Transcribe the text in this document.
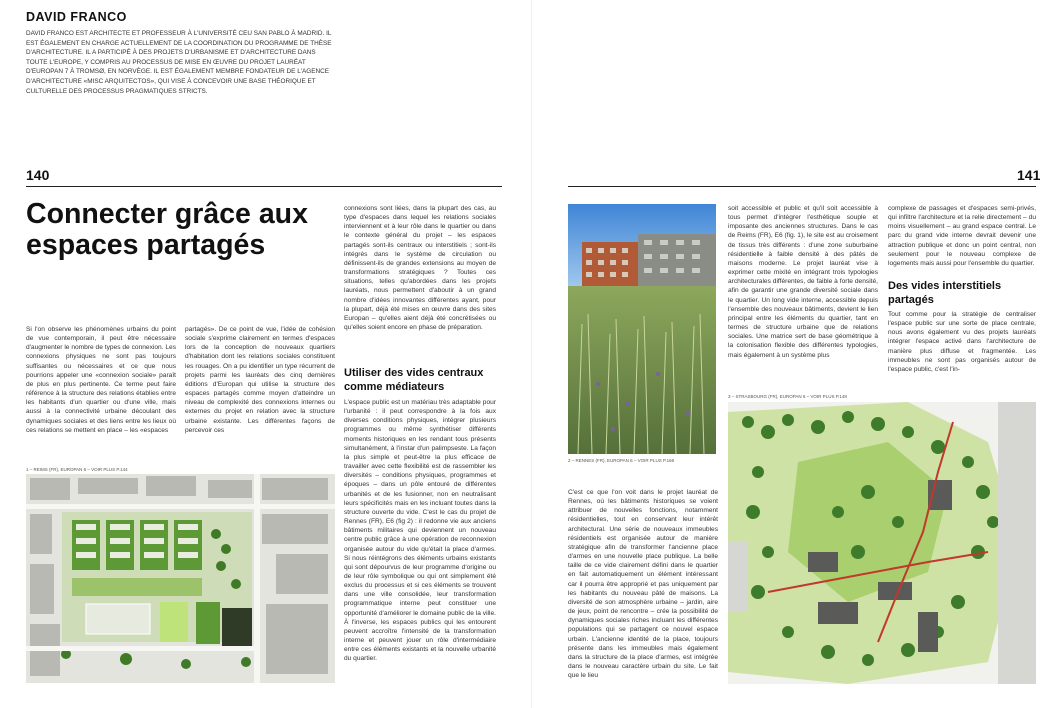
DAVID FRANCO
DAVID FRANCO EST ARCHITECTE ET PROFESSEUR À L'UNIVERSITÉ CEU SAN PABLO À MADRID. IL EST ÉGALEMENT EN CHARGE ACTUELLEMENT DE LA COORDINATION DU PROGRAMME DE THÈSE D'ARCHITECTURE. IL A PARTICIPÉ À DES PROJETS D'URBANISME ET D'ARCHITECTURE DANS TOUTE L'EUROPE, Y COMPRIS AU PROCESSUS DE MISE EN ŒUVRE DU PROJET LAURÉAT D'EUROPAN 7 À TROMSØ, EN NORVÈGE. IL EST ÉGALEMENT MEMBRE FONDATEUR DE L'AGENCE D'ARCHITECTURE «MISC ARQUITECTOS», QUI VISE À CONCEVOIR UNE BASE THÉORIQUE ET CULTURELLE DES PROCESSUS PRAGMATIQUES STRICTS.
140
Connecter grâce aux espaces partagés
Si l'on observe les phénomènes urbains du point de vue contemporain, il peut être nécessaire d'augmenter le nombre de types de connexion. Les connexions physiques ne sont pas toujours suffisantes ou nécessaires et ce que nous pourrions appeler une «connexion sociale» paraît de plus en plus pertinente. Ce terme peut faire référence à la structure des relations établies entre les habitants d'un quartier ou d'une ville, mais aussi à la connectivité urbaine découlant des dynamiques sociales et des liens entre les lieux où ces relations se mettent en place – les «espaces
partagés». De ce point de vue, l'idée de cohésion sociale s'exprime clairement en termes d'espaces lors de la conception de nouveaux quartiers d'habitation dont les relations sociales constituent les rouages. On a pu identifier un type récurrent de projets parmi les lauréats des cinq dernières éditions d'Europan qui utilise la structure des espaces partagés comme moyen d'atteindre un niveau de complexité des connexions internes ou externes du projet en relation avec la structure urbaine existante. Les différentes façons de percevoir ces
connexions sont liées, dans la plupart des cas, au type d'espaces dans lequel les relations sociales interviennent et à leur rôle dans le quartier ou dans le contexte général du projet – les espaces partagés sont-ils centraux ou interstitiels ; sont-ils intégrés dans le système de circulation ou définissent-ils de grandes extensions au moyen de transformations stratégiques ? Toutes ces situations, telles qu'abordées dans les projets lauréats, nous permettent d'aboutir à un grand nombre d'idées innovantes différentes ayant, pour la plupart, déjà été mises en œuvre dans des sites Europan – qu'elles aient déjà été concrétisées ou qu'elles soient encore en phase de préparation.
Utiliser des vides centraux comme médiateurs
L'espace public est un matériau très adaptable pour l'urbanité : il peut correspondre à la fois aux diverses conditions physiques, intégrer plusieurs programmes ou même synthétiser différents moments historiques en les rendant tous présents simultanément, à l'instar d'un palimpseste. La façon la plus simple et peut-être la plus efficace de travailler avec cette flexibilité est de rassembler les diversités – conditions physiques, programmes et époques – dans un pôle entouré de différentes urbanités et de les fusionner, non en neutralisant leurs spécificités mais en les incluant toutes dans la structure ouverte du vide. C'est le cas du projet de Rennes (FR), E6 (fig 2) : il redonne vie aux anciens bâtiments militaires qui deviennent un nouveau centre public grâce à une opération de reconnexion organisée autour du vide qu'était la place d'armes. Si nous réintégrons des éléments urbains existants qui sont dépourvus de leur programme d'origine ou de leur rôle symbolique ou qui ont simplement été exclus du processus et si ces éléments se trouvent dans une ville consolidée, leur transformation programmatique interne peut constituer une opportunité d'améliorer le domaine public de la ville. À l'inverse, les espaces publics qui les entourent peuvent accroître l'intensité de la transformation interne et peuvent jouer un rôle d'intermédiaire entre ces éléments existants et la nouvelle urbanité du quartier.
1 – REIMS (FR), EUROPAN 6 – VOIR PLUS P.144
141
2 – RENNES (FR), EUROPAN 6 – VOIR PLUS P.166
C'est ce que l'on voit dans le projet lauréat de Rennes, où les bâtiments historiques se voient attribuer de nouvelles fonctions, notamment résidentielles, tout en conservant leur intérêt architectural. Une série de nouveaux immeubles résidentiels est organisée autour de manière stratégique afin de transformer l'ancienne place d'armes en une nouvelle place publique. La belle taille de ce vide clairement défini dans le quartier en fait automatiquement un élément intéressant car il pourra être approprié et pas uniquement par les habitants du nouveau pâté de maisons. La diversité de son atmosphère urbaine – jardin, aire de jeux, point de rencontre – crée la possibilité de dynamiques sociales riches incluant les différentes populations qui se partagent ce nouvel espace urbain. L'ancienne identité de la place, toujours présente dans les immeubles mais également dans la structure de la place d'armes, est intégrée dans le nouveau caractère urbain du site. Le fait que le lieu
soit accessible et public et qu'il soit accessible à tous permet d'intégrer l'esthétique souple et imposante des anciennes structures. Dans le cas de Reims (FR), E6 (fig. 1), le site est au croisement de tissus très différents : d'une zone suburbaine résidentielle à faible densité à des pâtés de maisons moderne. Le projet lauréat vise à exprimer cette mixité en intégrant trois typologies architecturales différentes, de faible à forte densité, afin de garantir une grande diversité sociale dans le quartier. Un long vide interne, accessible depuis l'ensemble des nouveaux bâtiments, devient le lien principal entre les éléments du quartier, tant en termes de structure urbaine que de relations sociales. Une matrice sert de base géométrique à la colonisation flexible des différentes typologies, mais également à un système plus
complexe de passages et d'espaces semi-privés, qui infiltre l'architecture et la relie directement – du moins visuellement – au grand espace central. Le parc du grand vide interne devrait devenir une attraction publique et donc un point central, non seulement pour le nouveau complexe de logements mais aussi pour l'ensemble du quartier.
Des vides interstitiels partagés
Tout comme pour la stratégie de centraliser l'espace public sur une sorte de place centrale, nous avons également vu des projets lauréats intégrer l'espace activé dans l'architecture de manière plus diffuse et fragmentée. Les immeubles ne sont pas organisés autour de l'espace public, c'est l'in-
3 – STRASBOURG (FR), EUROPAN 6 – VOIR PLUS P.148
